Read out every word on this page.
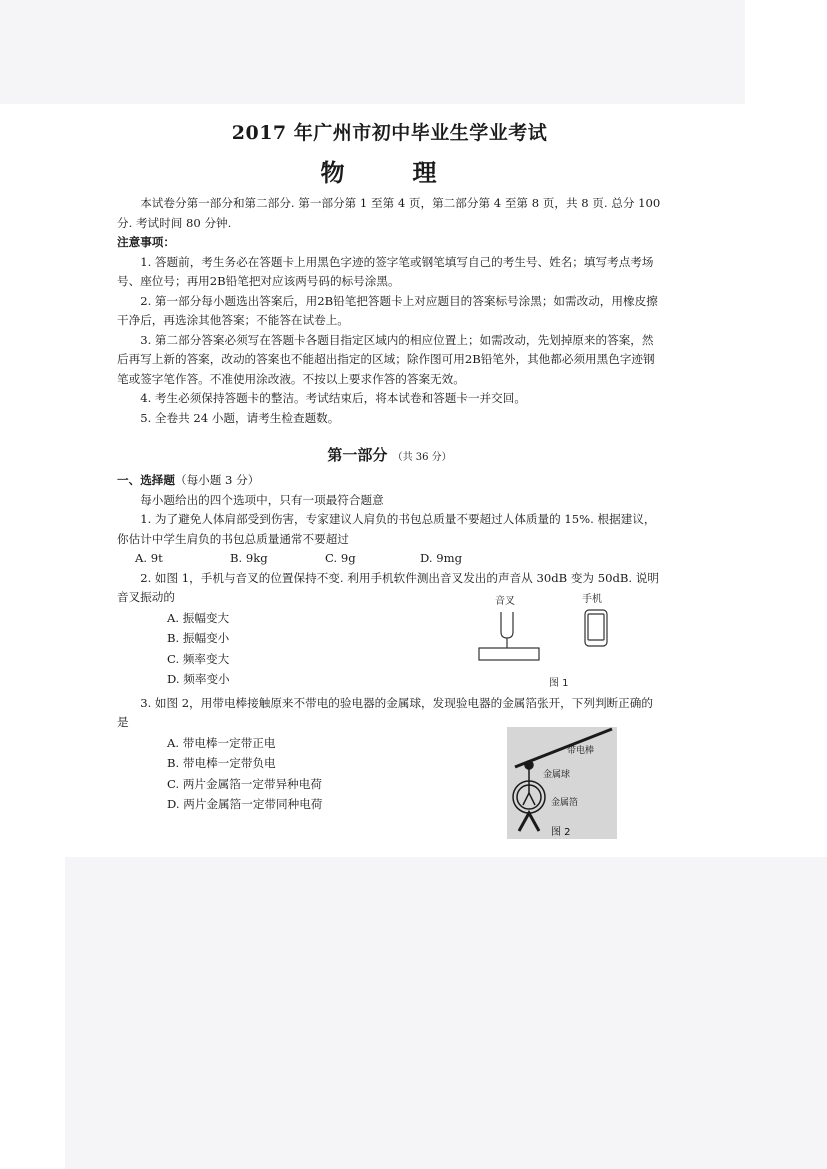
2017 年广州市初中毕业生学业考试
物　理

本试卷分第一部分和第二部分. 第一部分第 1 至第 4 页，第二部分第 4 至第 8 页，共 8 页. 总分 100 分. 考试时间 80 分钟.

注意事项：

1. 答题前，考生务必在答题卡上用黑色字迹的签字笔或钢笔填写自己的考生号、姓名；填写考点考场号、座位号；再用2B铅笔把对应该两号码的标号涂黑。

2. 第一部分每小题选出答案后，用2B铅笔把答题卡上对应题目的答案标号涂黑；如需改动，用橡皮擦干净后，再选涂其他答案；不能答在试卷上。

3. 第二部分答案必须写在答题卡各题目指定区域内的相应位置上；如需改动，先划掉原来的答案，然后再写上新的答案，改动的答案也不能超出指定的区域；除作图可用2B铅笔外，其他都必须用黑色字迹钢笔或签字笔作答。不准使用涂改液。不按以上要求作答的答案无效。

4. 考生必须保持答题卡的整洁。考试结束后，将本试卷和答题卡一并交回。

5. 全卷共 24 小题，请考生检查题数。

第一部分 （共 36 分）

一、选择题（每小题 3 分）

每小题给出的四个选项中，只有一项最符合题意

1. 为了避免人体肩部受到伤害，专家建议人肩负的书包总质量不要超过人体质量的 15%. 根据建议，你估计中学生肩负的书包总质量通常不要超过

A. 9t	B. 9kg	C. 9g	D. 9mg

2. 如图 1，手机与音叉的位置保持不变. 利用手机软件测出音叉发出的声音从 30dB 变为 50dB. 说明音叉振动的

A. 振幅变大
B. 振幅变小
C. 频率变大
D. 频率变小
音叉	手机
图 1

3. 如图 2，用带电棒接触原来不带电的验电器的金属球，发现验电器的金属箔张开，下列判断正确的是

A. 带电棒一定带正电
B. 带电棒一定带负电
C. 两片金属箔一定带异种电荷
D. 两片金属箔一定带同种电荷
带电棒
金属球
金属箔
图 2
